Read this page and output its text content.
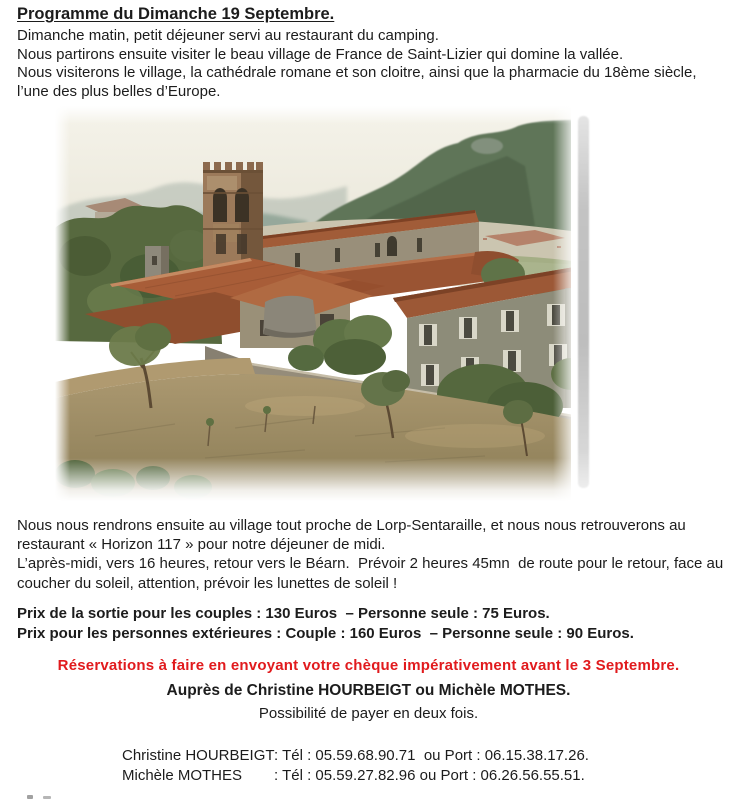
Programme du Dimanche 19 Septembre.

Dimanche matin, petit déjeuner servi au restaurant du camping.

Nous partirons ensuite visiter le beau village de France de Saint-Lizier qui domine la vallée.

Nous visiterons le village, la cathédrale romane et son cloitre, ainsi que la pharmacie du 18ème siècle, l’une des plus belles d’Europe.

Nous nous rendrons ensuite au village tout proche de Lorp-Sentaraille, et nous nous retrouverons au restaurant « Horizon 117 » pour notre déjeuner de midi.

L’après-midi, vers 16 heures, retour vers le Béarn.  Prévoir 2 heures 45mn  de route pour le retour, face au coucher du soleil, attention, prévoir les lunettes de soleil !

Prix de la sortie pour les couples : 130 Euros  – Personne seule : 75 Euros.

Prix pour les personnes extérieures : Couple : 160 Euros  – Personne seule : 90 Euros.

Réservations à faire en envoyant votre chèque impérativement avant le 3 Septembre.
Auprès de Christine HOURBEIGT ou Michèle MOTHES.
Possibilité de payer en deux fois.
Christine HOURBEIGT : Tél : 05.59.68.90.71  ou Port : 06.15.38.17.26.
Michèle MOTHES	: Tél : 05.59.27.82.96 ou Port : 06.26.56.55.51.
